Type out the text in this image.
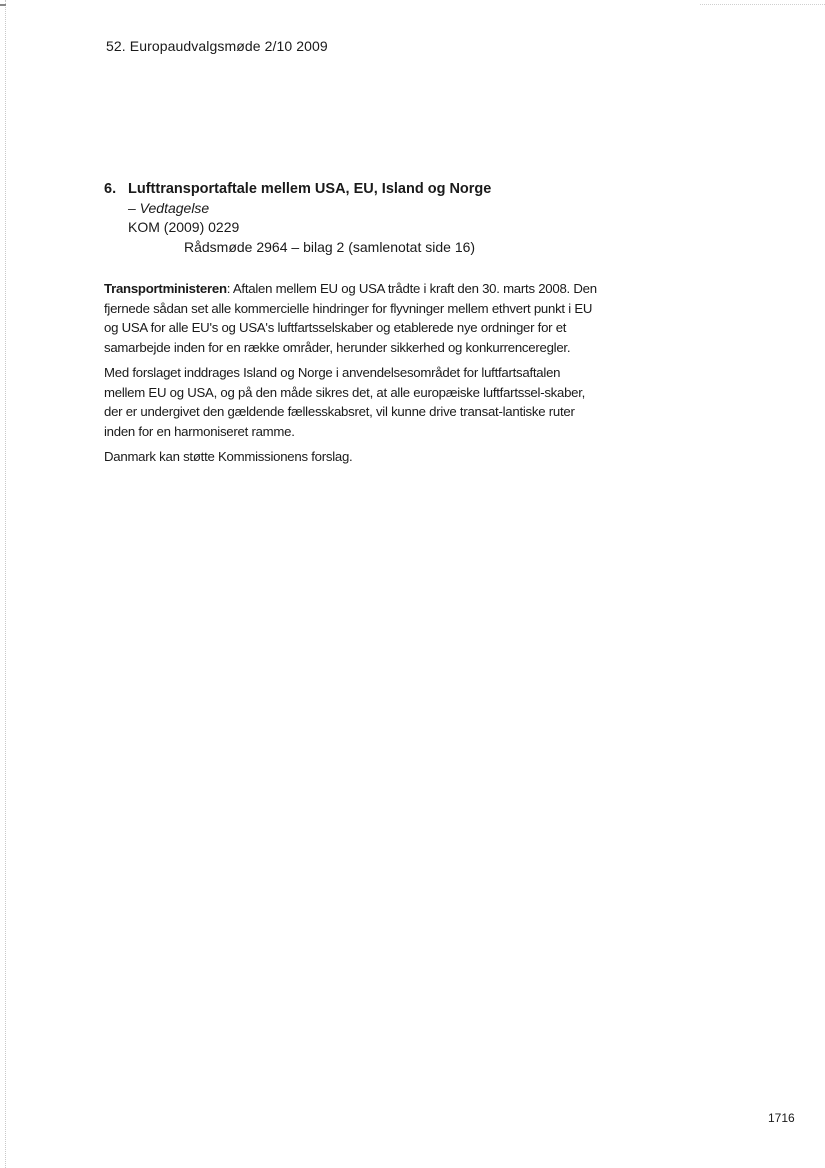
52. Europaudvalgsmøde 2/10 2009
6. Lufttransportaftale mellem USA, EU, Island og Norge
– Vedtagelse
KOM (2009) 0229
Rådsmøde 2964 – bilag 2 (samlenotat side 16)

Transportministeren: Aftalen mellem EU og USA trådte i kraft den 30. marts 2008. Den fjernede sådan set alle kommercielle hindringer for flyvninger mellem ethvert punkt i EU og USA for alle EU's og USA's luftfartsselskaber og etablerede nye ordninger for et samarbejde inden for en række områder, herunder sikkerhed og konkurrenceregler.

Med forslaget inddrages Island og Norge i anvendelsesområdet for luftfartsaftalen mellem EU og USA, og på den måde sikres det, at alle europæiske luftfartssel-skaber, der er undergivet den gældende fællesskabsret, vil kunne drive transat-lantiske ruter inden for en harmoniseret ramme.

Danmark kan støtte Kommissionens forslag.

1716
